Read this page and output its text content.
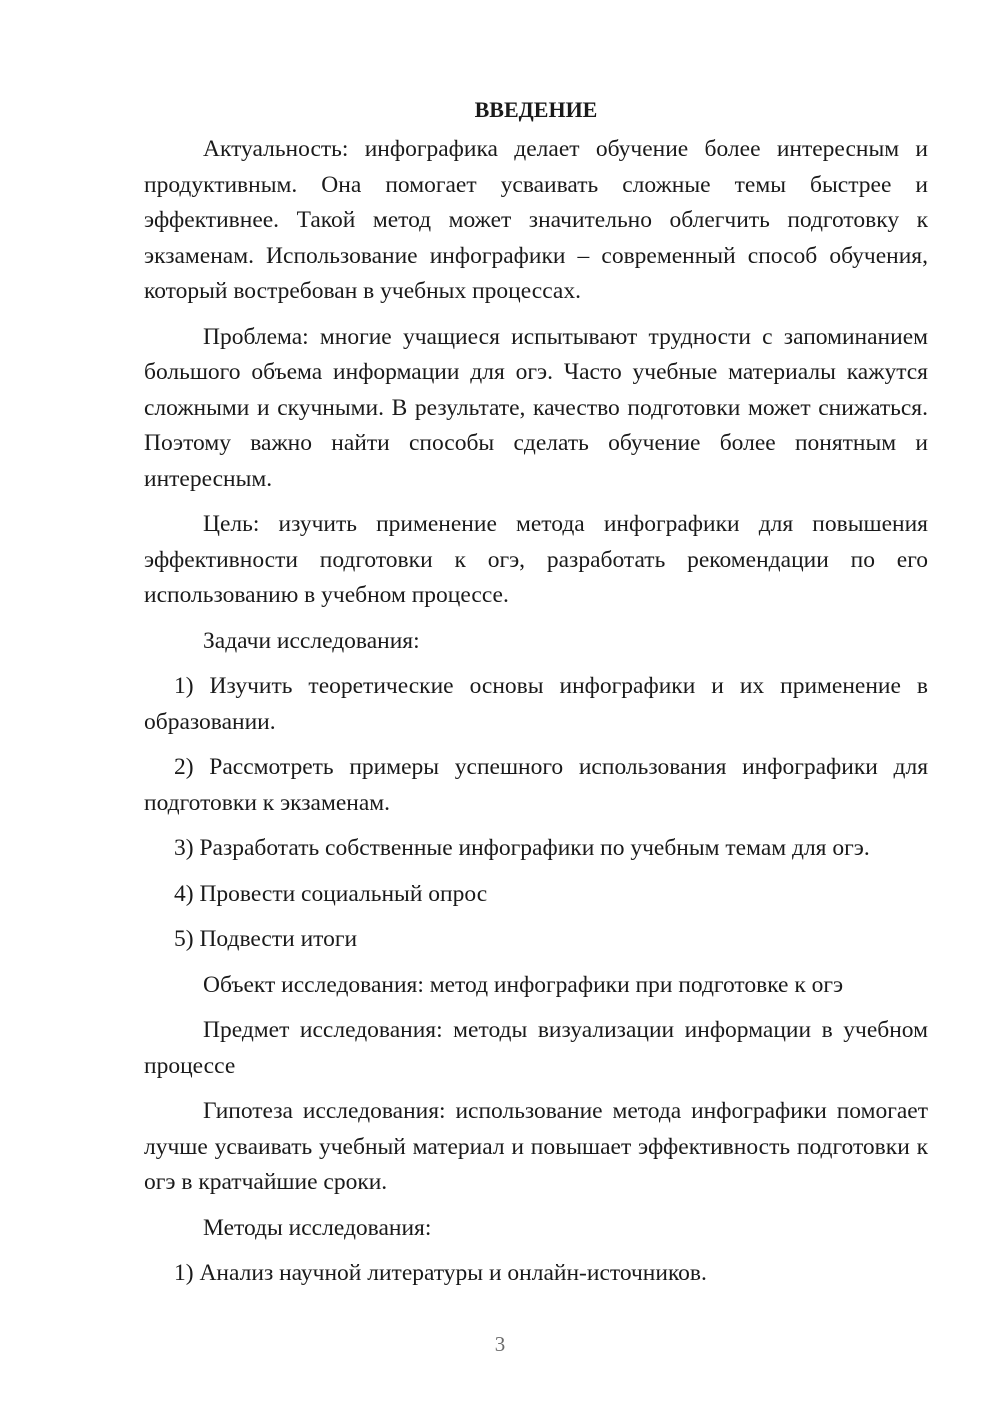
ВВЕДЕНИЕ
Актуальность: инфографика делает обучение более интересным и продуктивным. Она помогает усваивать сложные темы быстрее и эффективнее. Такой метод может значительно облегчить подготовку к экзаменам. Использование инфографики – современный способ обучения, который востребован в учебных процессах.
Проблема: многие учащиеся испытывают трудности с запоминанием большого объема информации для огэ. Часто учебные материалы кажутся сложными и скучными. В результате, качество подготовки может снижаться. Поэтому важно найти способы сделать обучение более понятным и интересным.
Цель: изучить применение метода инфографики для повышения эффективности подготовки к огэ, разработать рекомендации по его использованию в учебном процессе.
Задачи исследования:
1) Изучить теоретические основы инфографики и их применение в образовании.
2) Рассмотреть примеры успешного использования инфографики для подготовки к экзаменам.
3) Разработать собственные инфографики по учебным темам для огэ.
4) Провести социальный опрос
5) Подвести итоги
Объект исследования: метод инфографики при подготовке к огэ
Предмет исследования: методы визуализации информации в учебном процессе
Гипотеза исследования: использование метода инфографики помогает лучше усваивать учебный материал и повышает эффективность подготовки к огэ в кратчайшие сроки.
Методы исследования:
1) Анализ научной литературы и онлайн-источников.
3
